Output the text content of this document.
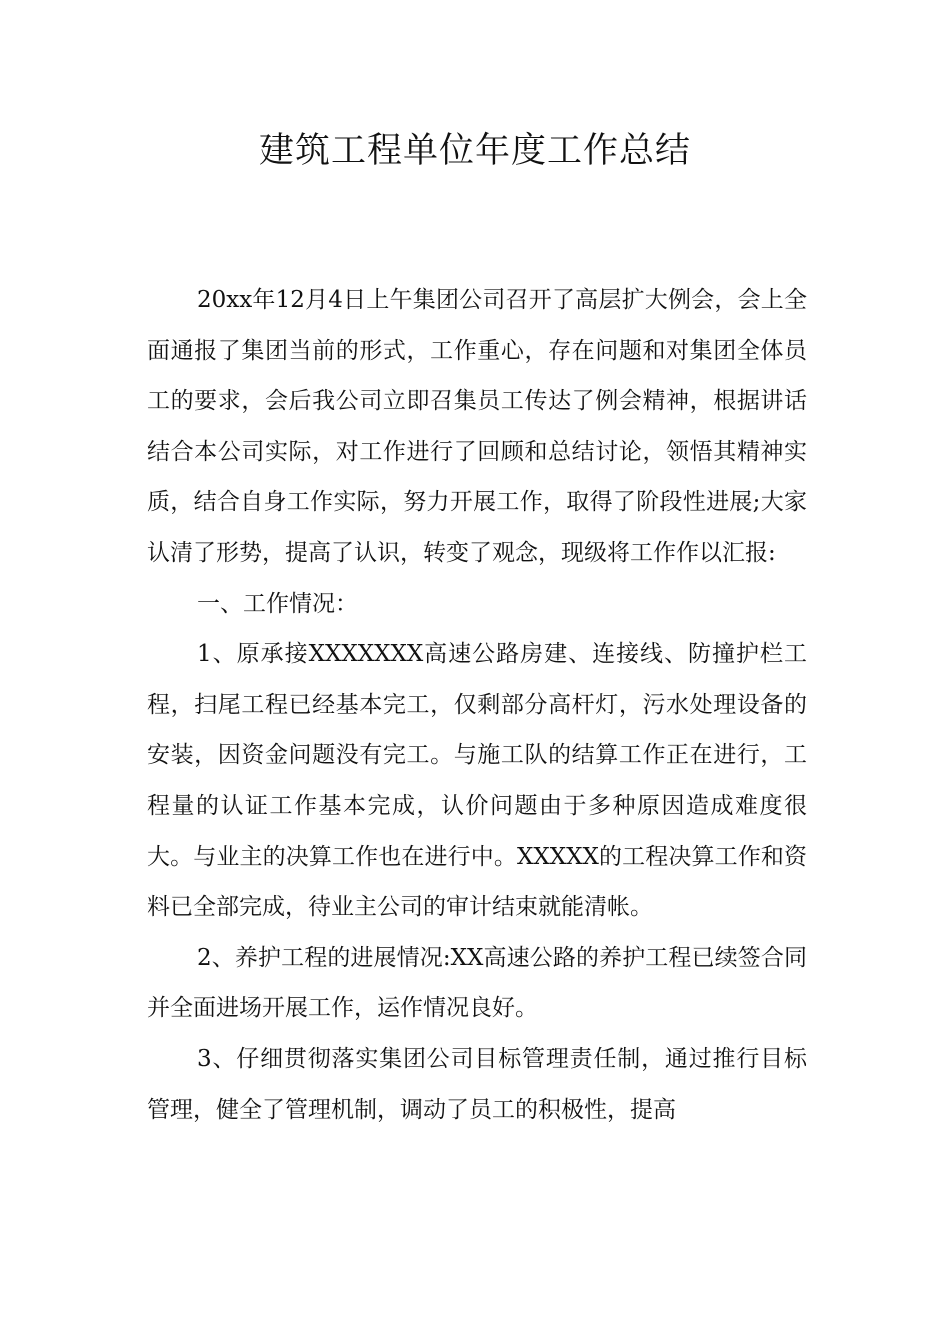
建筑工程单位年度工作总结

20xx年12月4日上午集团公司召开了高层扩大例会，会上全面通报了集团当前的形式，工作重心，存在问题和对集团全体员工的要求，会后我公司立即召集员工传达了例会精神，根据讲话结合本公司实际，对工作进行了回顾和总结讨论，领悟其精神实质，结合自身工作实际，努力开展工作，取得了阶段性进展;大家认清了形势，提高了认识，转变了观念，现级将工作作以汇报:

一、工作情况：

1、原承接XXXXXXX高速公路房建、连接线、防撞护栏工程，扫尾工程已经基本完工，仅剩部分高杆灯，污水处理设备的安装，因资金问题没有完工。与施工队的结算工作正在进行，工程量的认证工作基本完成，认价问题由于多种原因造成难度很大。与业主的决算工作也在进行中。XXXXX的工程决算工作和资料已全部完成，待业主公司的审计结束就能清帐。

2、养护工程的进展情况:XX高速公路的养护工程已续签合同并全面进场开展工作，运作情况良好。

3、仔细贯彻落实集团公司目标管理责任制，通过推行目标管理，健全了管理机制，调动了员工的积极性，提高
